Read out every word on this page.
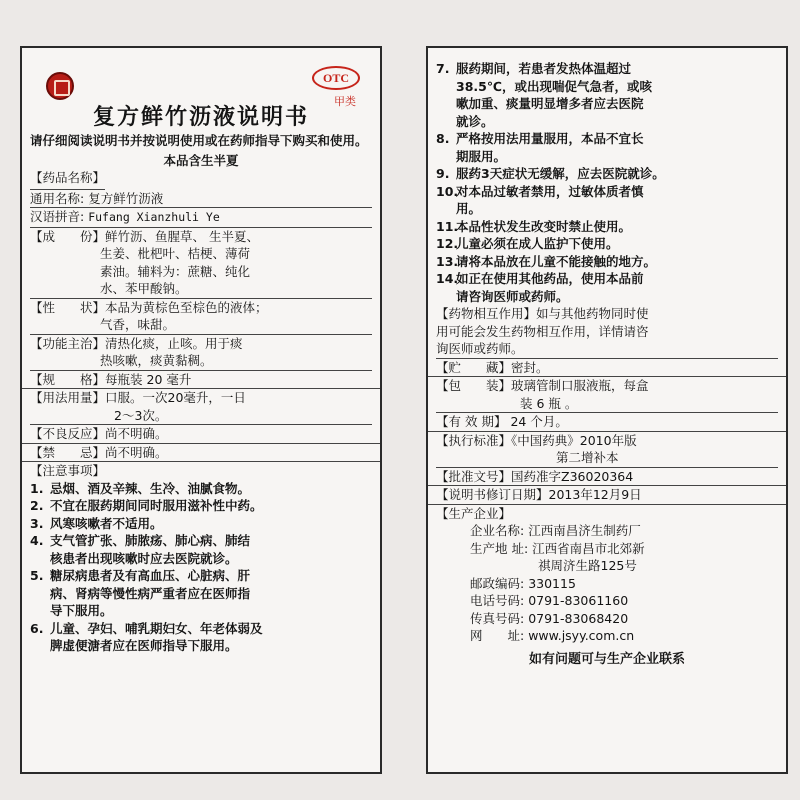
OTC
甲类
复方鲜竹沥液说明书
请仔细阅读说明书并按说明使用或在药师指导下购买和使用。
本品含生半夏
【药品名称】
通用名称: 复方鲜竹沥液
汉语拼音: Fufang Xianzhuli Ye
【成　　份】鲜竹沥、鱼腥草、 生半夏、
生姜、枇杷叶、桔梗、薄荷
素油。辅料为：蔗糖、纯化
水、苯甲酸钠。
【性　　状】本品为黄棕色至棕色的液体；
气香，味甜。
【功能主治】清热化痰，止咳。用于痰
热咳嗽，痰黄黏稠。
【规　　格】每瓶装 20 毫升
【用法用量】口服。一次20毫升，一日
2～3次。
【不良反应】尚不明确。
【禁　　忌】尚不明确。
【注意事项】
1. 忌烟、酒及辛辣、生冷、油腻食物。
2. 不宜在服药期间同时服用滋补性中药。
3. 风寒咳嗽者不适用。
4. 支气管扩张、肺脓疡、肺心病、肺结
核患者出现咳嗽时应去医院就诊。
5. 糖尿病患者及有高血压、心脏病、肝
病、肾病等慢性病严重者应在医师指
导下服用。
6. 儿童、孕妇、哺乳期妇女、年老体弱及
脾虚便溏者应在医师指导下服用。
7. 服药期间，若患者发热体温超过
38.5℃，或出现喘促气急者，或咳
嗽加重、痰量明显增多者应去医院
就诊。
8. 严格按用法用量服用，本品不宜长
期服用。
9. 服药3天症状无缓解，应去医院就诊。
10.
对本品过敏者禁用，过敏体质者慎
用。
11.
本品性状发生改变时禁止使用。
12.
儿童必须在成人监护下使用。
13.
请将本品放在儿童不能接触的地方。
14.
如正在使用其他药品，使用本品前
请咨询医师或药师。
【药物相互作用】如与其他药物同时使
用可能会发生药物相互作用，详情请咨
询医师或药师。
【贮　　藏】密封。
【包　　装】玻璃管制口服液瓶，每盒
装 6 瓶 。
【有 效 期】 24 个月。
【执行标准】《中国药典》2010年版
第二增补本
【批准文号】国药准字Z36020364
【说明书修订日期】2013年12月9日
【生产企业】
企业名称: 江西南昌济生制药厂
生产地 址: 江西省南昌市北郊新
祺周济生路125号
邮政编码: 330115
电话号码: 0791-83061160
传真号码: 0791-83068420
网　　址: www.jsyy.com.cn
如有问题可与生产企业联系
